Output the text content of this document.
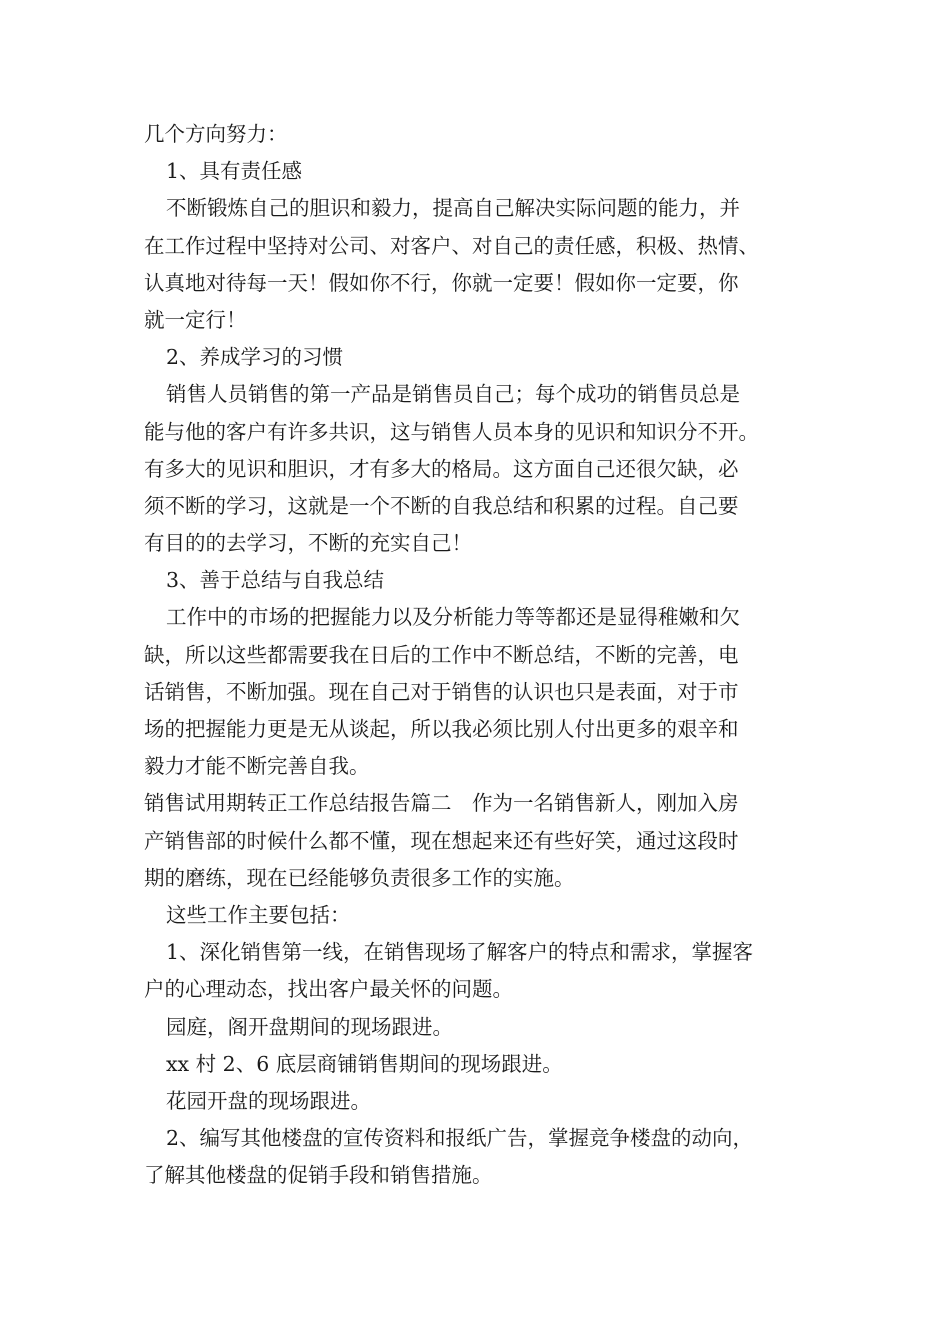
几个方向努力：
1、具有责任感
不断锻炼自己的胆识和毅力，提高自己解决实际问题的能力，并
在工作过程中坚持对公司、对客户、对自己的责任感，积极、热情、
认真地对待每一天！假如你不行，你就一定要！假如你一定要，你
就一定行！
2、养成学习的习惯
销售人员销售的第一产品是销售员自己；每个成功的销售员总是
能与他的客户有许多共识，这与销售人员本身的见识和知识分不开。
有多大的见识和胆识，才有多大的格局。这方面自己还很欠缺，必
须不断的学习，这就是一个不断的自我总结和积累的过程。自己要
有目的的去学习，不断的充实自己！
3、善于总结与自我总结
工作中的市场的把握能力以及分析能力等等都还是显得稚嫩和欠
缺，所以这些都需要我在日后的工作中不断总结，不断的完善，电
话销售，不断加强。现在自己对于销售的认识也只是表面，对于市
场的把握能力更是无从谈起，所以我必须比别人付出更多的艰辛和
毅力才能不断完善自我。
销售试用期转正工作总结报告篇二　作为一名销售新人，刚加入房
产销售部的时候什么都不懂，现在想起来还有些好笑，通过这段时
期的磨练，现在已经能够负责很多工作的实施。
这些工作主要包括：
1、深化销售第一线，在销售现场了解客户的特点和需求，掌握客
户的心理动态，找出客户最关怀的问题。
园庭，阁开盘期间的现场跟进。
xx 村 2、6 底层商铺销售期间的现场跟进。
花园开盘的现场跟进。
2、编写其他楼盘的宣传资料和报纸广告，掌握竞争楼盘的动向，
了解其他楼盘的促销手段和销售措施。
